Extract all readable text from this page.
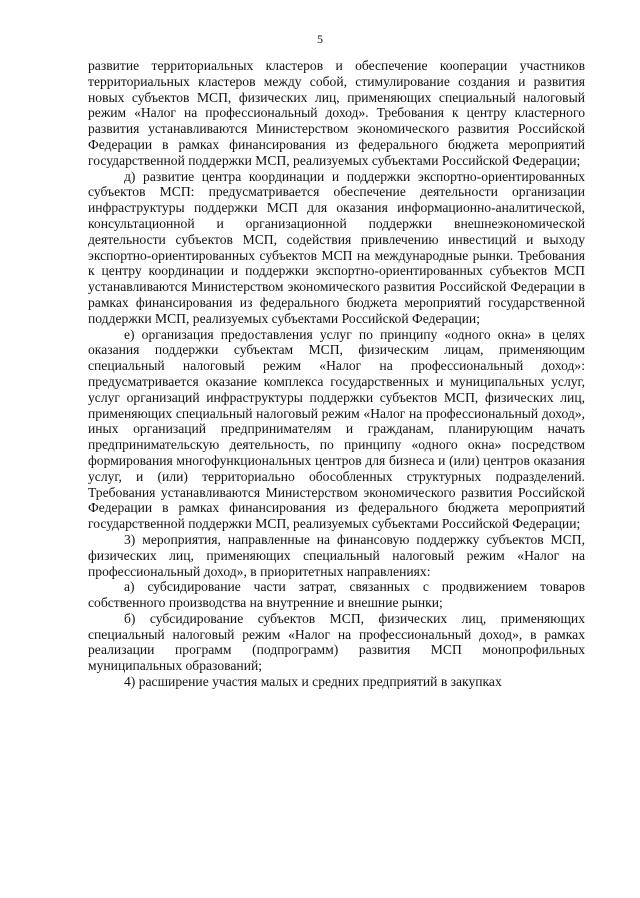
5

развитие территориальных кластеров и обеспечение кооперации участников территориальных кластеров между собой, стимулирование создания и развития новых субъектов МСП, физических лиц, применяющих специальный налоговый режим «Налог на профессиональный доход». Требования к центру кластерного развития устанавливаются Министерством экономического развития Российской Федерации в рамках финансирования из федерального бюджета мероприятий государственной поддержки МСП, реализуемых субъектами Российской Федерации;

д) развитие центра координации и поддержки экспортно-ориентированных субъектов МСП: предусматривается обеспечение деятельности организации инфраструктуры поддержки МСП для оказания информационно-аналитической, консультационной и организационной поддержки внешнеэкономической деятельности субъектов МСП, содействия привлечению инвестиций и выходу экспортно-ориентированных субъектов МСП на международные рынки. Требования к центру координации и поддержки экспортно-ориентированных субъектов МСП устанавливаются Министерством экономического развития Российской Федерации в рамках финансирования из федерального бюджета мероприятий государственной поддержки МСП, реализуемых субъектами Российской Федерации;

е) организация предоставления услуг по принципу «одного окна» в целях оказания поддержки субъектам МСП, физическим лицам, применяющим специальный налоговый режим «Налог на профессиональный доход»: предусматривается оказание комплекса государственных и муниципальных услуг, услуг организаций инфраструктуры поддержки субъектов МСП, физических лиц, применяющих специальный налоговый режим «Налог на профессиональный доход», иных организаций предпринимателям и гражданам, планирующим начать предпринимательскую деятельность, по принципу «одного окна» посредством формирования многофункциональных центров для бизнеса и (или) центров оказания услуг, и (или) территориально обособленных структурных подразделений. Требования устанавливаются Министерством экономического развития Российской Федерации в рамках финансирования из федерального бюджета мероприятий государственной поддержки МСП, реализуемых субъектами Российской Федерации;

3) мероприятия, направленные на финансовую поддержку субъектов МСП, физических лиц, применяющих специальный налоговый режим «Налог на профессиональный доход», в приоритетных направлениях:

а) субсидирование части затрат, связанных с продвижением товаров собственного производства на внутренние и внешние рынки;

б) субсидирование субъектов МСП, физических лиц, применяющих специальный налоговый режим «Налог на профессиональный доход», в рамках реализации программ (подпрограмм) развития МСП монопрофильных муниципальных образований;

4) расширение участия малых и средних предприятий в закупках
